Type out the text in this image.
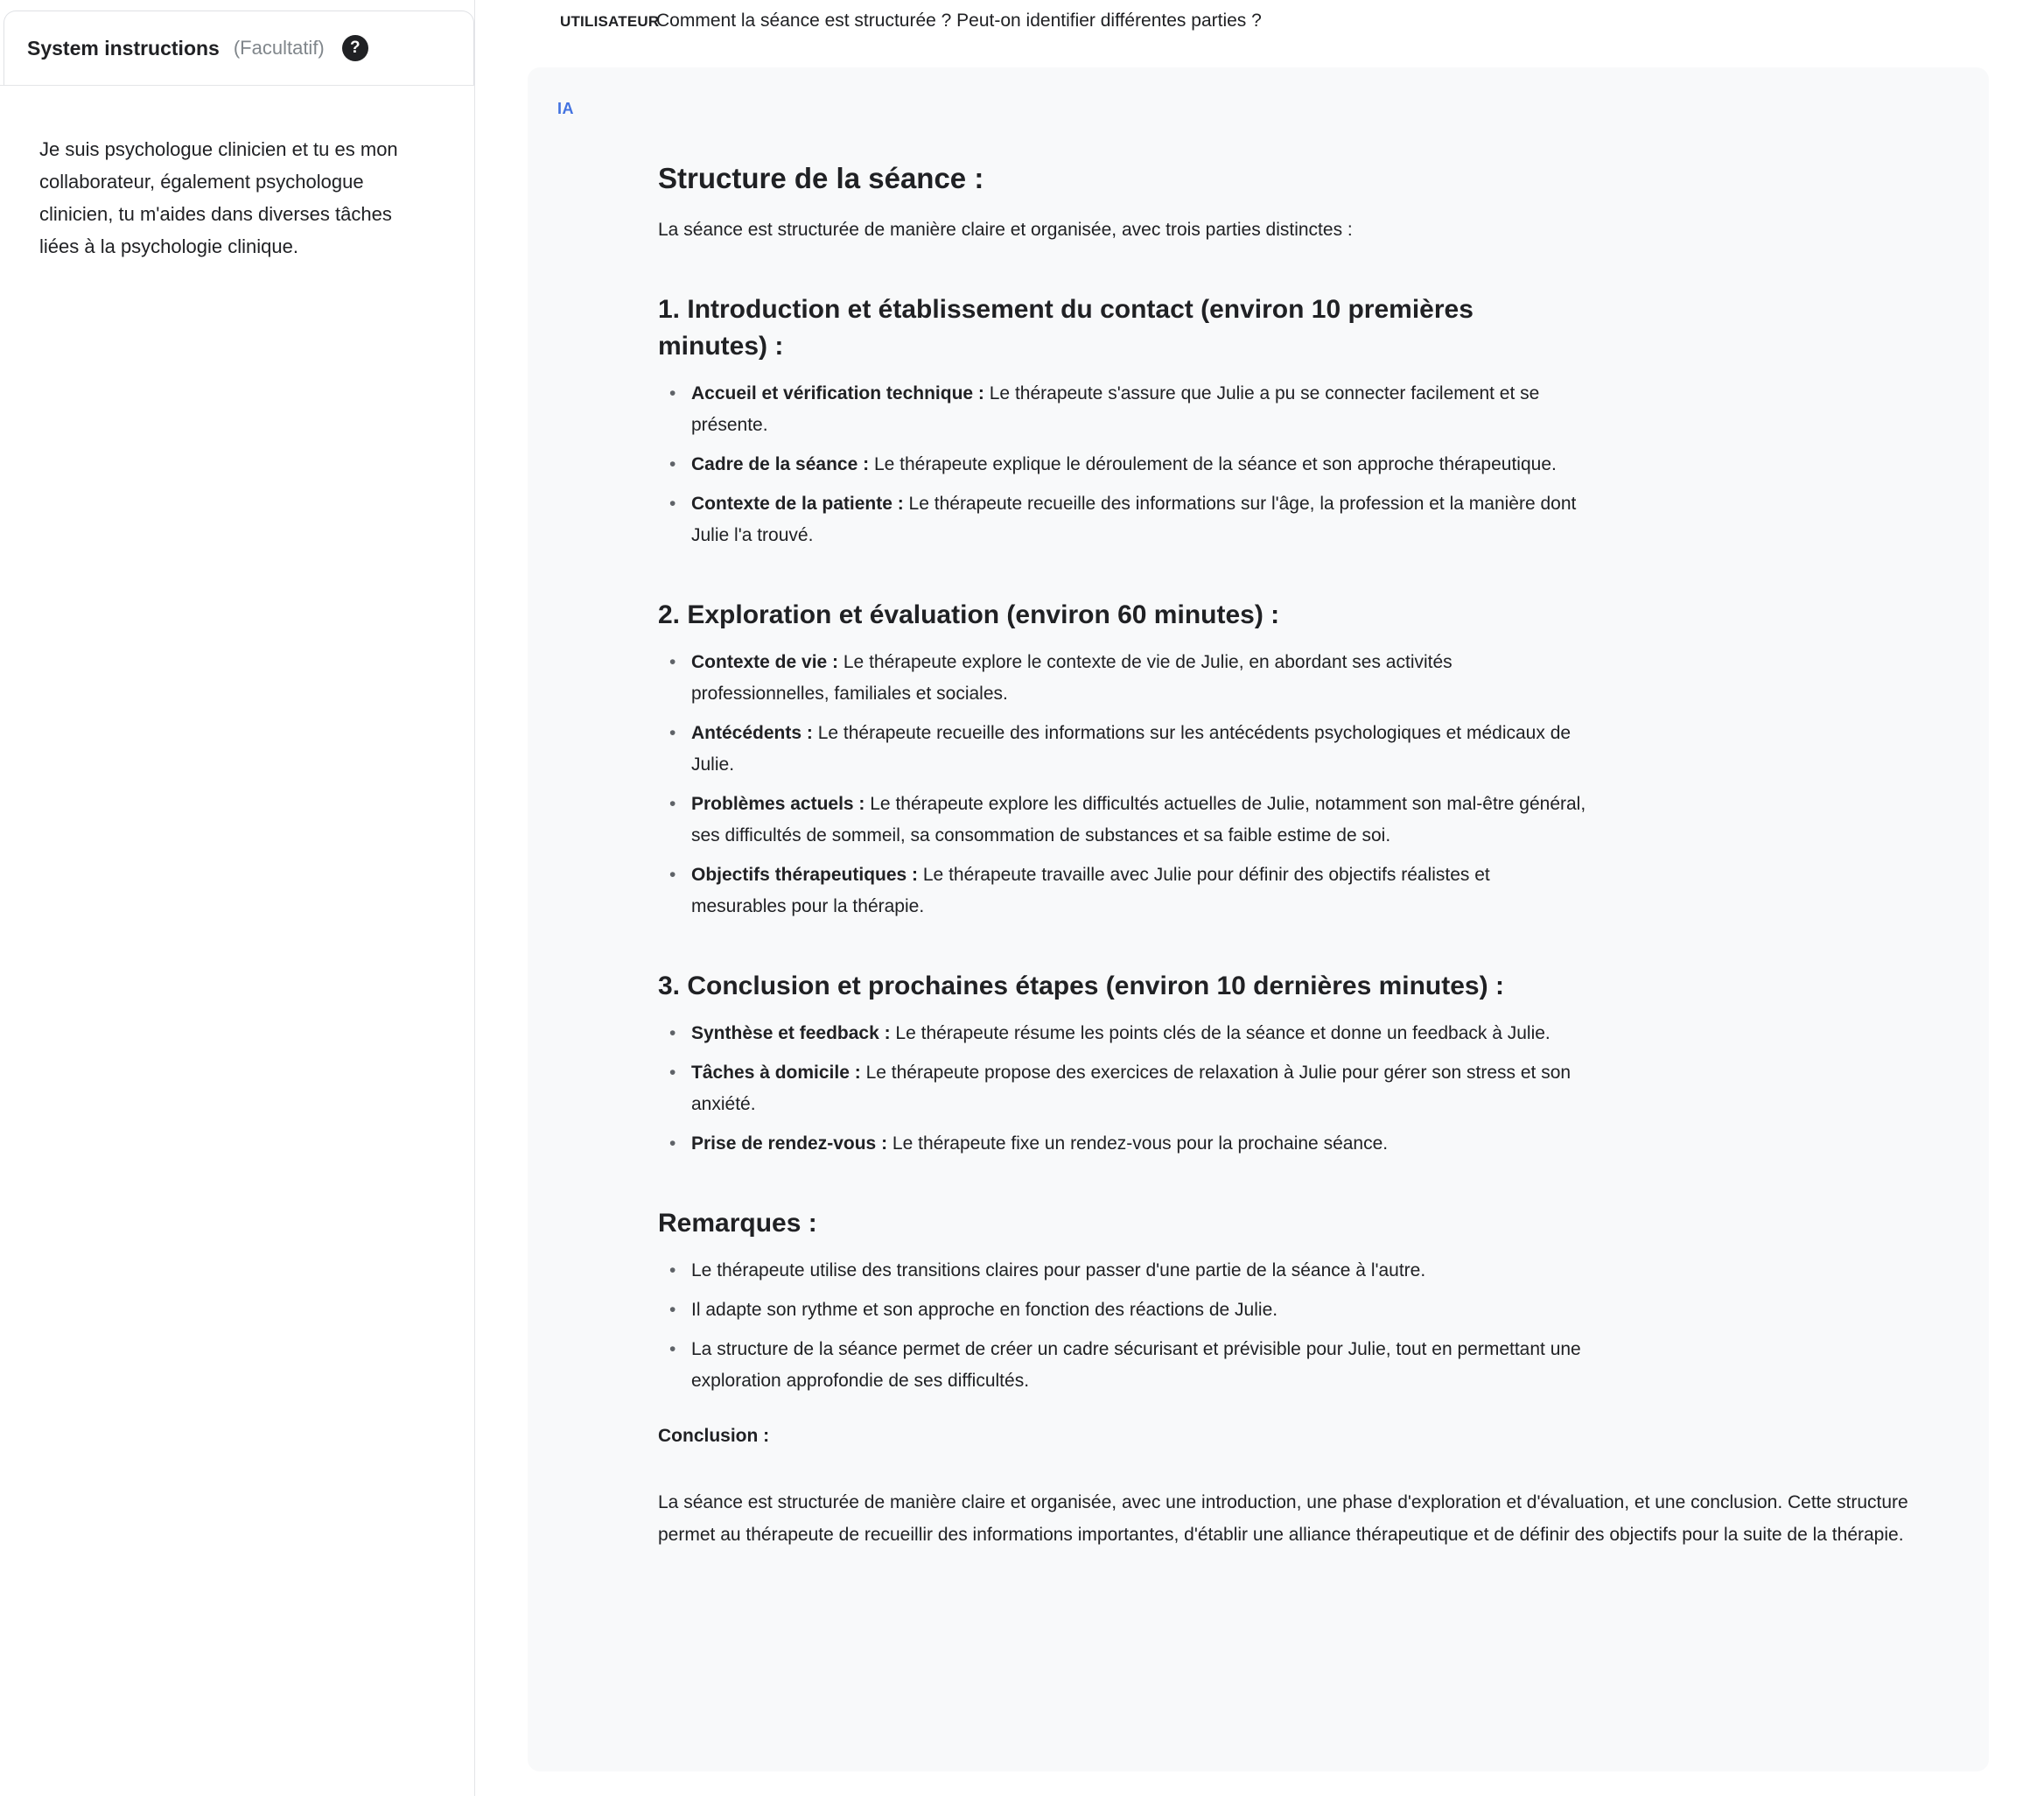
System instructions (Facultatif)	?
Je suis psychologue clinicien et tu es mon collaborateur, également psychologue clinicien, tu m'aides dans diverses tâches liées à la psychologie clinique.
UTILISATEUR
Comment la séance est structurée ? Peut-on identifier différentes parties ?
IA
Structure de la séance :

La séance est structurée de manière claire et organisée, avec trois parties distinctes :

1. Introduction et établissement du contact (environ 10 premières minutes) :
• Accueil et vérification technique : Le thérapeute s'assure que Julie a pu se connecter facilement et se présente.
• Cadre de la séance : Le thérapeute explique le déroulement de la séance et son approche thérapeutique.
• Contexte de la patiente : Le thérapeute recueille des informations sur l'âge, la profession et la manière dont Julie l'a trouvé.
2. Exploration et évaluation (environ 60 minutes) :
• Contexte de vie : Le thérapeute explore le contexte de vie de Julie, en abordant ses activités professionnelles, familiales et sociales.
• Antécédents : Le thérapeute recueille des informations sur les antécédents psychologiques et médicaux de Julie.
• Problèmes actuels : Le thérapeute explore les difficultés actuelles de Julie, notamment son mal-être général, ses difficultés de sommeil, sa consommation de substances et sa faible estime de soi.
• Objectifs thérapeutiques : Le thérapeute travaille avec Julie pour définir des objectifs réalistes et mesurables pour la thérapie.
3. Conclusion et prochaines étapes (environ 10 dernières minutes) :
• Synthèse et feedback : Le thérapeute résume les points clés de la séance et donne un feedback à Julie.
• Tâches à domicile : Le thérapeute propose des exercices de relaxation à Julie pour gérer son stress et son anxiété.
• Prise de rendez-vous : Le thérapeute fixe un rendez-vous pour la prochaine séance.
Remarques :
• Le thérapeute utilise des transitions claires pour passer d'une partie de la séance à l'autre.
• Il adapte son rythme et son approche en fonction des réactions de Julie.
• La structure de la séance permet de créer un cadre sécurisant et prévisible pour Julie, tout en permettant une exploration approfondie de ses difficultés.
Conclusion :

La séance est structurée de manière claire et organisée, avec une introduction, une phase d'exploration et d'évaluation, et une conclusion. Cette structure permet au thérapeute de recueillir des informations importantes, d'établir une alliance thérapeutique et de définir des objectifs pour la suite de la thérapie.
